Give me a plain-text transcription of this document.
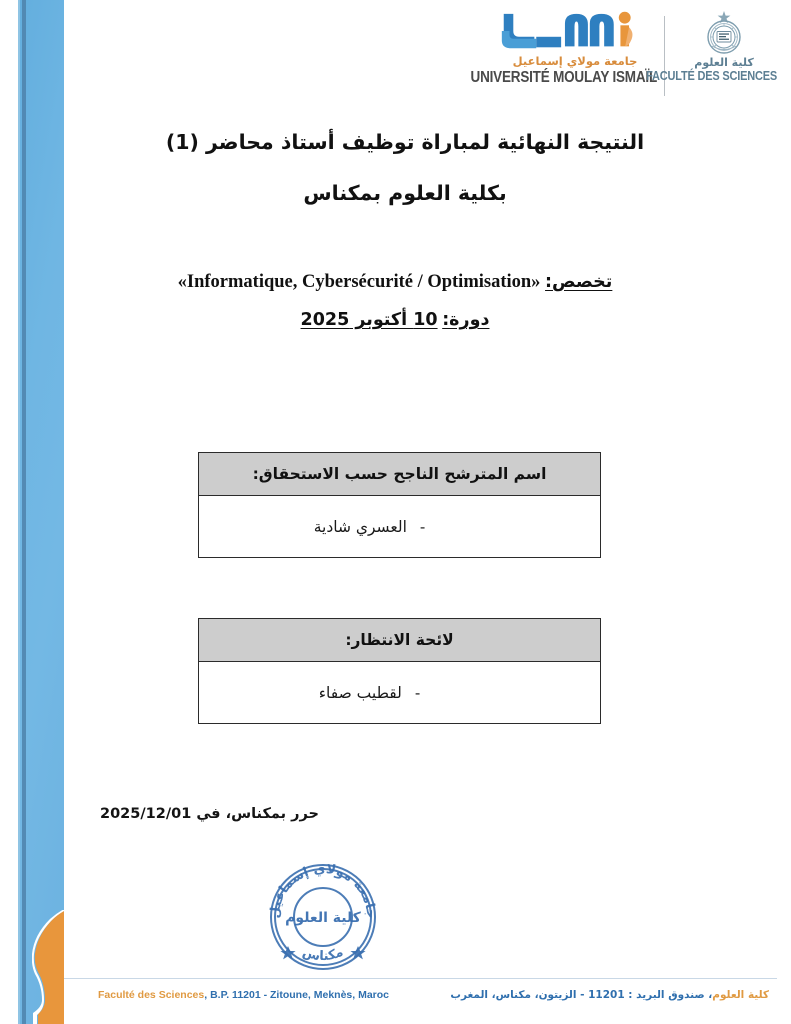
جامعة مولاي إسماعيل
UNIVERSITÉ MOULAY ISMAÏL
كلية العلوم
FACULTÉ DES SCIENCES
النتيجة النهائية لمباراة توظيف أستاذ محاضر (1)
بكلية العلوم بمكناس
تخصص: «Informatique, Cybersécurité / Optimisation»
دورة: 10 أكتوبر 2025
اسم المترشح الناجح حسب الاستحقاق:
-
العسري شادية
لائحة الانتظار:
-
لقطيب صفاء
حرر بمكناس، في 2025/12/01
جامعة مولاي إسماعيل
مكناس
كلية العلوم
Faculté des Sciences, B.P. 11201 - Zitoune, Meknès, Maroc	كلية العلوم، صندوق البريد : 11201 - الزيتون، مكناس، المغرب
